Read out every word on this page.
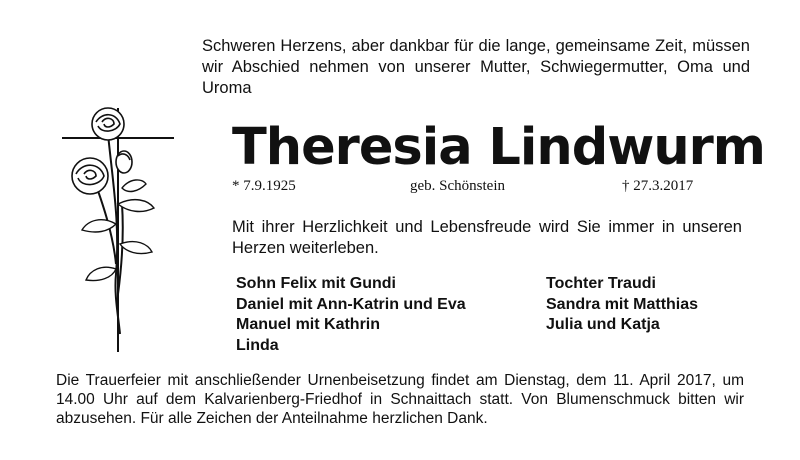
Schweren Herzens, aber dankbar für die lange, gemeinsame Zeit, müssen wir Abschied nehmen von unserer Mutter, Schwiegermutter, Oma und Uroma
Theresia Lindwurm
* 7.9.1925	geb. Schönstein	† 27.3.2017
Mit ihrer Herzlichkeit und Lebensfreude wird Sie immer in unseren Herzen weiterleben.
Sohn Felix mit Gundi
Daniel mit Ann-Katrin und Eva
Manuel mit Kathrin
Linda
Tochter Traudi
Sandra mit Matthias
Julia und Katja
Die Trauerfeier mit anschließender Urnenbeisetzung findet am Dienstag, dem 11. April 2017, um 14.00 Uhr auf dem Kalvarienberg-Friedhof in Schnaittach statt. Von Blumenschmuck bitten wir abzusehen. Für alle Zeichen der Anteilnahme herzlichen Dank.
